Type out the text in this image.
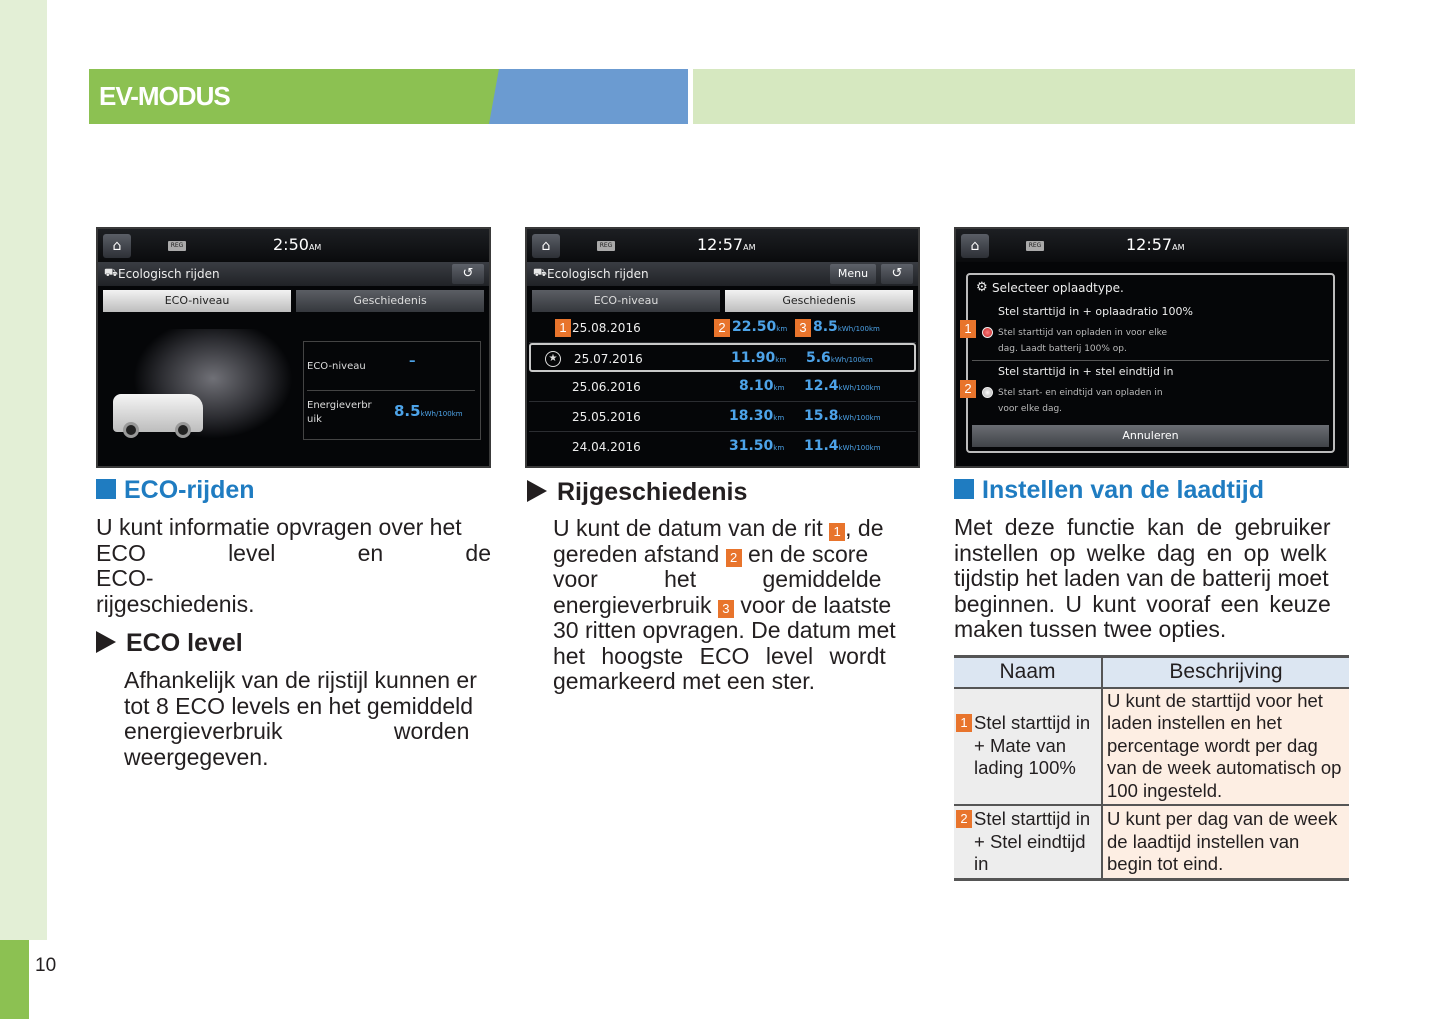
10
EV-MODUS
⌂	REG	2:50AM
⛟ Ecologisch rijden	↺
ECO-niveau	Geschiedenis
ECO-niveau	–
Energieverbr uik	8.5kWh/100km
⌂	REG	12:57AM
⛟ Ecologisch rijden	Menu	↺
ECO-niveau	Geschiedenis
1 25.08.2016	2 22.50km 3 8.5kWh/100km
★ 25.07.2016	11.90km 5.6kWh/100km
25.06.2016	8.10km 12.4kWh/100km
25.05.2016	18.30km 15.8kWh/100km
24.04.2016	31.50km 11.4kWh/100km
⌂	REG	12:57AM
⚙ Selecteer oplaadtype.
Stel starttijd in + oplaadratio 100%
Stel starttijd van opladen in voor elke
dag. Laadt batterij 100% op.
Stel starttijd in + stel eindtijd in
Stel start- en eindtijd van opladen in
voor elke dag.
Annuleren
1
2
ECO-rijden
U kunt informatie opvragen over het
ECO level en de ECO-
rijgeschiedenis.
ECO level
Afhankelijk van de rijstijl kunnen er
tot 8 ECO levels en het gemiddeld
energieverbruik worden
weergegeven.
Rijgeschiedenis
U kunt de datum van de rit 1 , de
gereden afstand 2 en de score
voor het gemiddelde
energieverbruik 3 voor de laatste
30 ritten opvragen. De datum met
het hoogste ECO level wordt
gemarkeerd met een ster.
Instellen van de laadtijd
Met deze functie kan de gebruiker
instellen op welke dag en op welk
tijdstip het laden van de batterij moet
beginnen. U kunt vooraf een keuze
maken tussen twee opties.
Naam	Beschrijving

1 Stel starttijd in + Mate van lading 100%	U kunt de starttijd voor het laden instellen en het percentage wordt per dag van de week automatisch op 100 ingesteld.

2 Stel starttijd in + Stel eindtijd in	U kunt per dag van de week de laadtijd instellen van begin tot eind.
